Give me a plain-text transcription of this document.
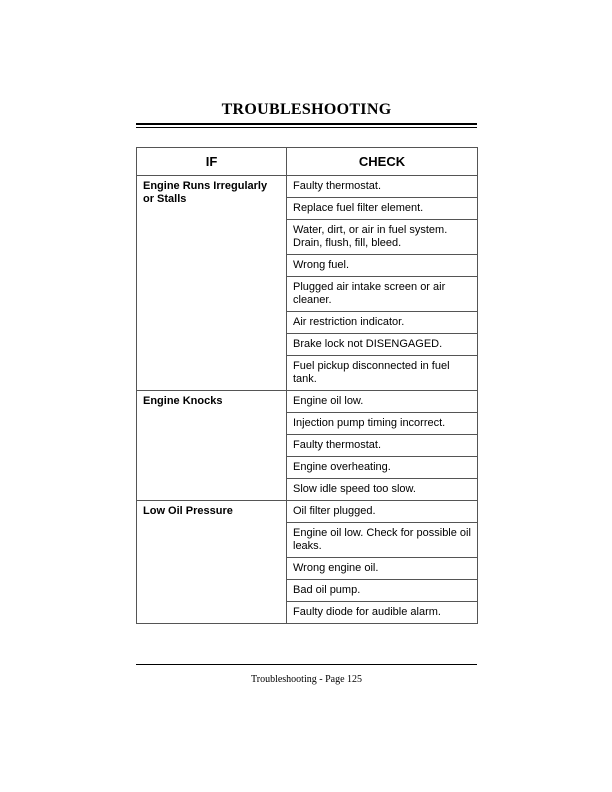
TROUBLESHOOTING
IF	CHECK
Engine Runs Irregularly or Stalls	Faulty thermostat.
	Replace fuel filter element.
	Water, dirt, or air in fuel system. Drain, flush, fill, bleed.
	Wrong fuel.
	Plugged air intake screen or air cleaner.
	Air restriction indicator.
	Brake lock not DISENGAGED.
	Fuel pickup disconnected in fuel tank.
Engine Knocks	Engine oil low.
	Injection pump timing incorrect.
	Faulty thermostat.
	Engine overheating.
	Slow idle speed too slow.
Low Oil Pressure	Oil filter plugged.
	Engine oil low. Check for possible oil leaks.
	Wrong engine oil.
	Bad oil pump.
	Faulty diode for audible alarm.
Troubleshooting - Page 125
